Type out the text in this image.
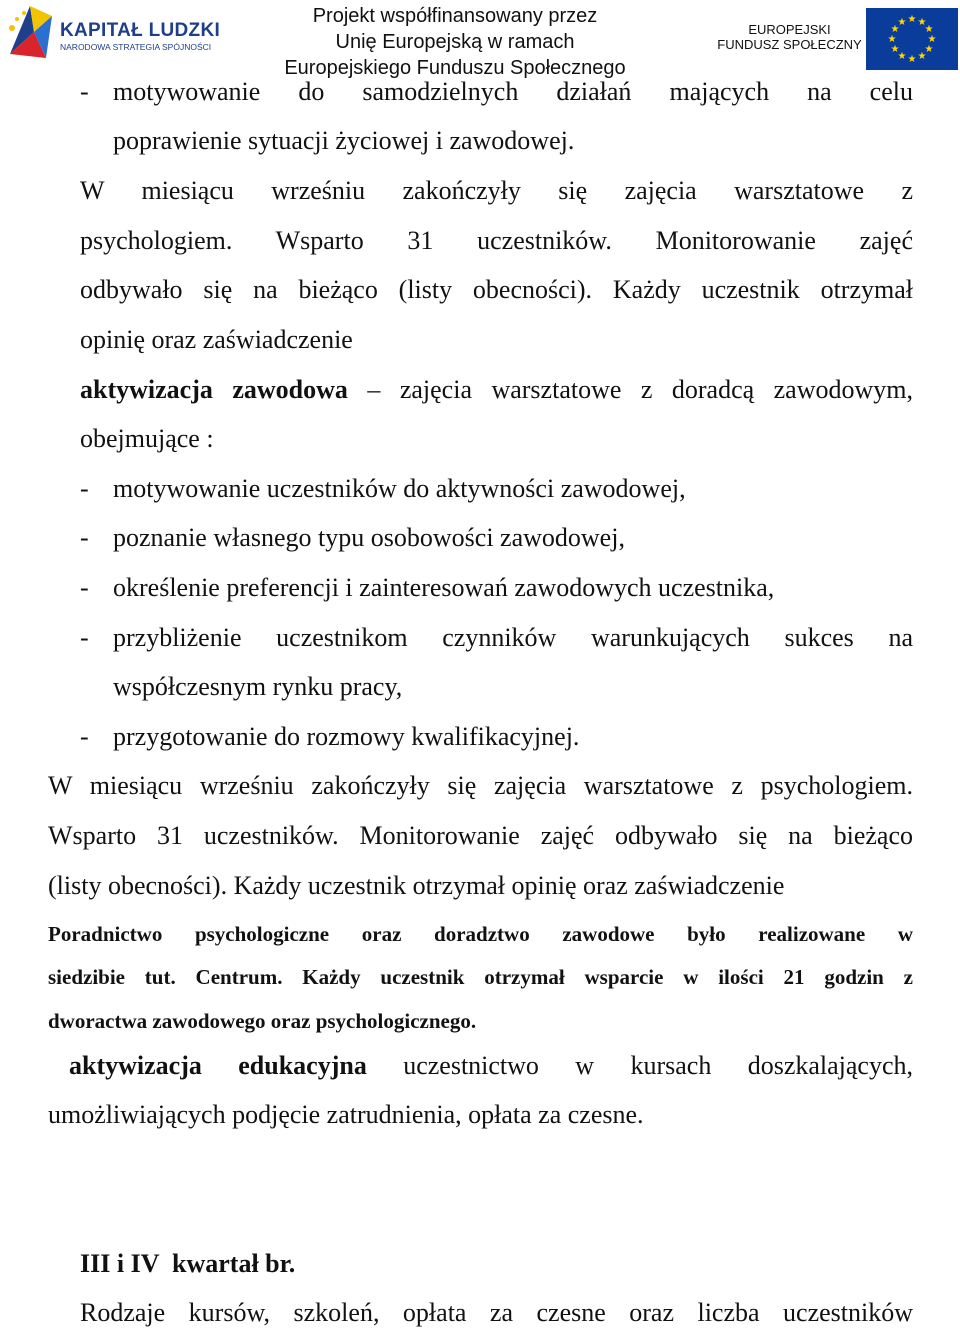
KAPITAŁ LUDZKI
NARODOWA STRATEGIA SPÓJNOŚCI
Projekt współfinansowany przez
Unię Europejską w ramach
Europejskiego Funduszu Społecznego
EUROPEJSKI
FUNDUSZ SPOŁECZNY
★ ★
★
★
★
★
★
★
★
★
★
★
- motywowanie do samodzielnych działań mających na celu
poprawienie sytuacji życiowej i zawodowej.
W miesiącu wrześniu zakończyły się zajęcia warsztatowe z
psychologiem. Wsparto 31 uczestników. Monitorowanie zajęć
odbywało się na bieżąco (listy obecności). Każdy uczestnik otrzymał
opinię oraz zaświadczenie
aktywizacja zawodowa – zajęcia warsztatowe z doradcą zawodowym,
obejmujące :
- motywowanie uczestników do aktywności zawodowej,
- poznanie własnego typu osobowości zawodowej,
- określenie preferencji i zainteresowań zawodowych uczestnika,
- przybliżenie uczestnikom czynników warunkujących sukces na
współczesnym rynku pracy,
- przygotowanie do rozmowy kwalifikacyjnej.
W miesiącu wrześniu zakończyły się zajęcia warsztatowe z psychologiem.
Wsparto 31 uczestników. Monitorowanie zajęć odbywało się na bieżąco
(listy obecności). Każdy uczestnik otrzymał opinię oraz zaświadczenie
Poradnictwo psychologiczne oraz doradztwo zawodowe było realizowane w
siedzibie tut. Centrum. Każdy uczestnik otrzymał wsparcie w ilości 21 godzin z
dworactwa zawodowego oraz psychologicznego.
aktywizacja edukacyjna uczestnictwo w kursach doszkalających,
umożliwiających podjęcie zatrudnienia, opłata za czesne.
III i IV  kwartał br.
Rodzaje kursów, szkoleń, opłata za czesne oraz liczba uczestników
